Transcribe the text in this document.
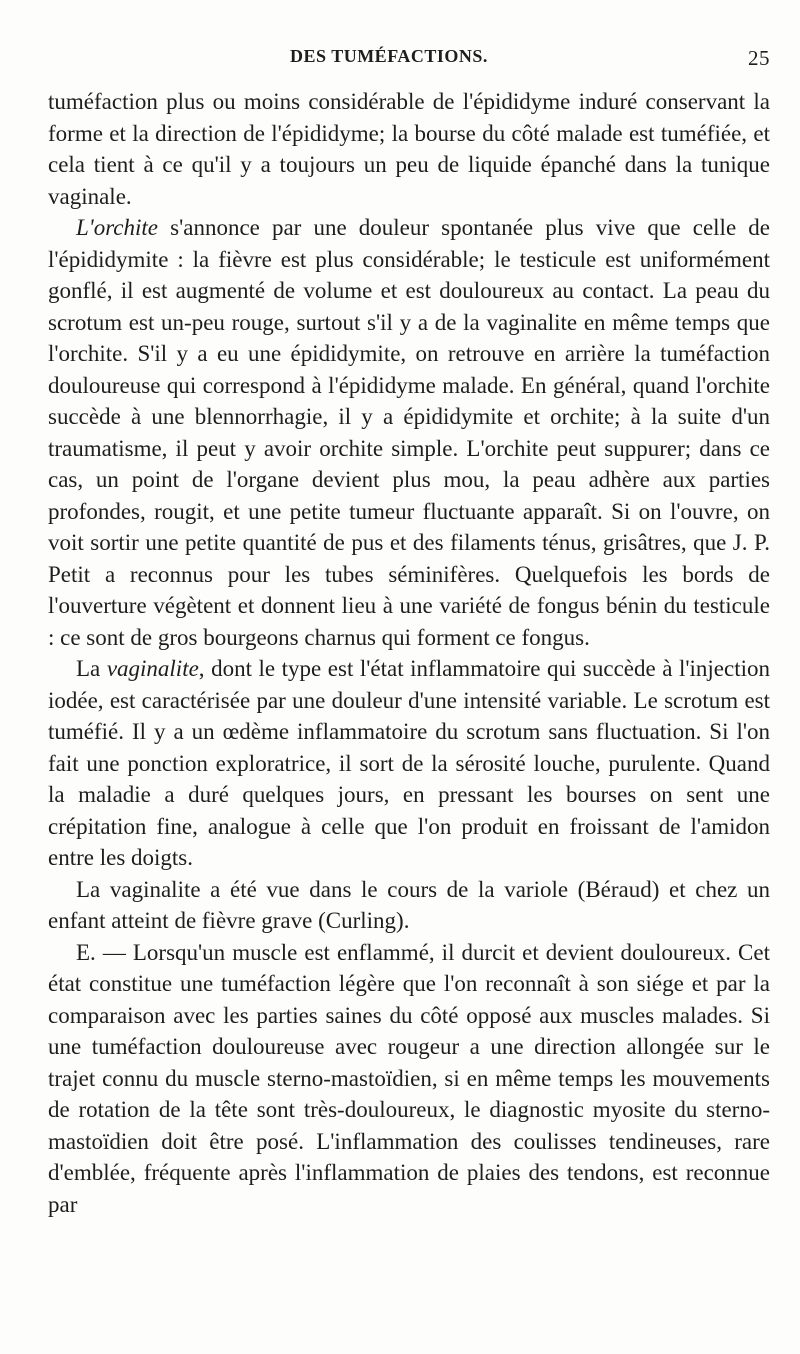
DES TUMÉFACTIONS.	25

tuméfaction plus ou moins considérable de l'épididyme induré conservant la forme et la direction de l'épididyme; la bourse du côté malade est tuméfiée, et cela tient à ce qu'il y a toujours un peu de liquide épanché dans la tunique vaginale.

L'orchite s'annonce par une douleur spontanée plus vive que celle de l'épididymite : la fièvre est plus considérable; le testicule est uniformément gonflé, il est augmenté de volume et est douloureux au contact. La peau du scrotum est un-peu rouge, surtout s'il y a de la vaginalite en même temps que l'orchite. S'il y a eu une épididymite, on retrouve en arrière la tuméfaction douloureuse qui correspond à l'épididyme malade. En général, quand l'orchite succède à une blennorrhagie, il y a épididymite et orchite; à la suite d'un traumatisme, il peut y avoir orchite simple. L'orchite peut suppurer; dans ce cas, un point de l'organe devient plus mou, la peau adhère aux parties profondes, rougit, et une petite tumeur fluctuante apparaît. Si on l'ouvre, on voit sortir une petite quantité de pus et des filaments ténus, grisâtres, que J. P. Petit a reconnus pour les tubes séminifères. Quelquefois les bords de l'ouverture végètent et donnent lieu à une variété de fongus bénin du testicule : ce sont de gros bourgeons charnus qui forment ce fongus.

La vaginalite, dont le type est l'état inflammatoire qui succède à l'injection iodée, est caractérisée par une douleur d'une intensité variable. Le scrotum est tuméfié. Il y a un œdème inflammatoire du scrotum sans fluctuation. Si l'on fait une ponction exploratrice, il sort de la sérosité louche, purulente. Quand la maladie a duré quelques jours, en pressant les bourses on sent une crépitation fine, analogue à celle que l'on produit en froissant de l'amidon entre les doigts.

La vaginalite a été vue dans le cours de la variole (Béraud) et chez un enfant atteint de fièvre grave (Curling).

E. — Lorsqu'un muscle est enflammé, il durcit et devient douloureux. Cet état constitue une tuméfaction légère que l'on reconnaît à son siége et par la comparaison avec les parties saines du côté opposé aux muscles malades. Si une tuméfaction douloureuse avec rougeur a une direction allongée sur le trajet connu du muscle sterno-mastoïdien, si en même temps les mouvements de rotation de la tête sont très-douloureux, le diagnostic myosite du sterno-mastoïdien doit être posé. L'inflammation des coulisses tendineuses, rare d'emblée, fréquente après l'inflammation de plaies des tendons, est reconnue par
